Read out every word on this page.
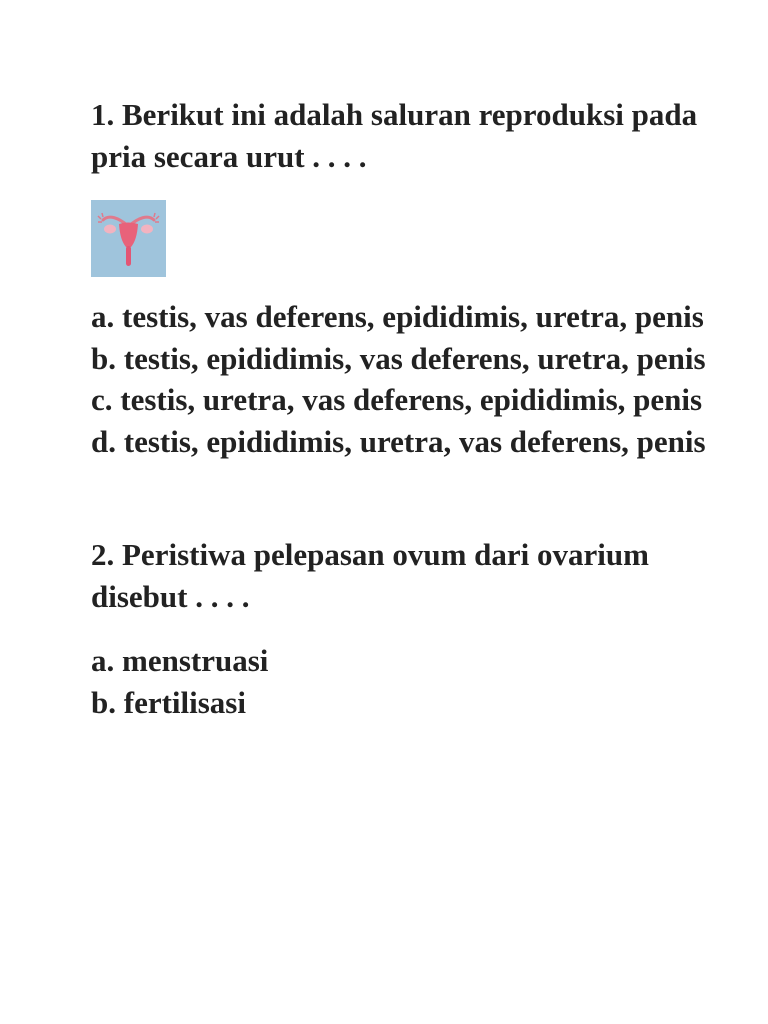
1. Berikut ini adalah saluran reproduksi pada pria secara urut . . . .

a. testis, vas deferens, epididimis, uretra, penis
b. testis, epididimis, vas deferens, uretra, penis
c. testis, uretra, vas deferens, epididimis, penis
d. testis, epididimis, uretra, vas deferens, penis

2. Peristiwa pelepasan ovum dari ovarium disebut . . . .

a. menstruasi
b. fertilisasi
